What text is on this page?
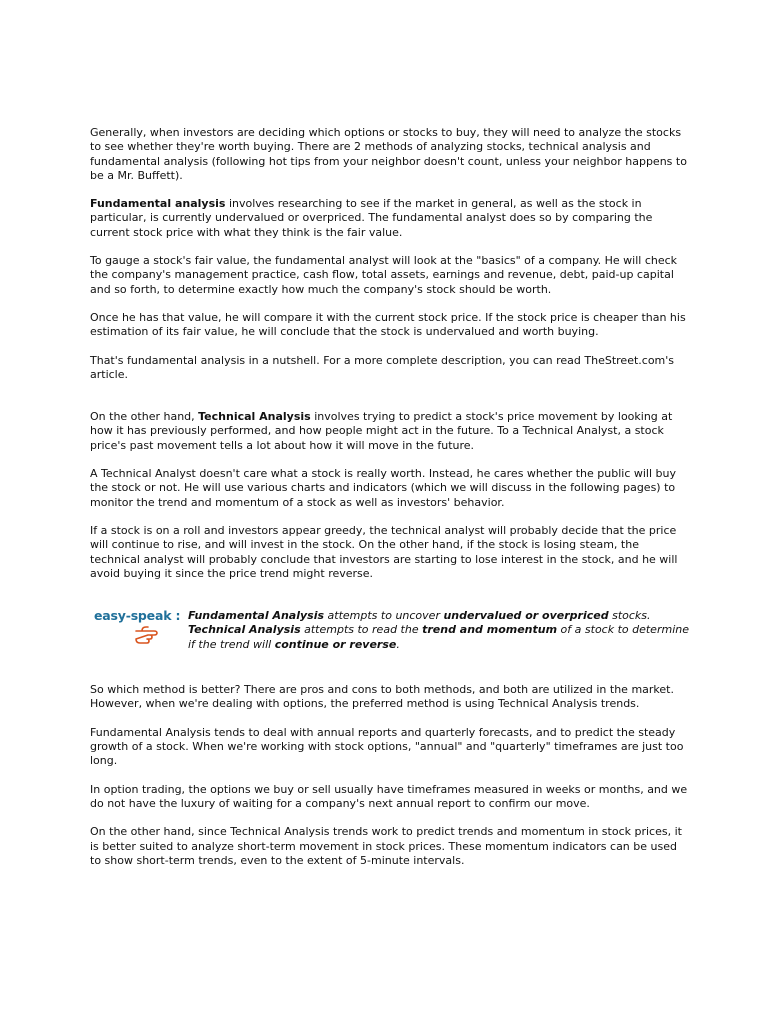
Generally, when investors are deciding which options or stocks to buy, they will need to analyze the stocks to see whether they're worth buying. There are 2 methods of analyzing stocks, technical analysis and fundamental analysis (following hot tips from your neighbor doesn't count, unless your neighbor happens to be a Mr. Buffett).

Fundamental analysis involves researching to see if the market in general, as well as the stock in particular, is currently undervalued or overpriced. The fundamental analyst does so by comparing the current stock price with what they think is the fair value.

To gauge a stock's fair value, the fundamental analyst will look at the "basics" of a company. He will check the company's management practice, cash flow, total assets, earnings and revenue, debt, paid-up capital and so forth, to determine exactly how much the company's stock should be worth.

Once he has that value, he will compare it with the current stock price. If the stock price is cheaper than his estimation of its fair value, he will conclude that the stock is undervalued and worth buying.

That's fundamental analysis in a nutshell. For a more complete description, you can read TheStreet.com's article.

On the other hand, Technical Analysis involves trying to predict a stock's price movement by looking at how it has previously performed, and how people might act in the future. To a Technical Analyst, a stock price's past movement tells a lot about how it will move in the future.

A Technical Analyst doesn't care what a stock is really worth. Instead, he cares whether the public will buy the stock or not. He will use various charts and indicators (which we will discuss in the following pages) to monitor the trend and momentum of a stock as well as investors' behavior.

If a stock is on a roll and investors appear greedy, the technical analyst will probably decide that the price will continue to rise, and will invest in the stock. On the other hand, if the stock is losing steam, the technical analyst will probably conclude that investors are starting to lose interest in the stock, and he will avoid buying it since the price trend might reverse.

easy-speak : Fundamental Analysis attempts to uncover undervalued or overpriced stocks.
Technical Analysis attempts to read the trend and momentum of a stock to determine if the trend will continue or reverse.

So which method is better? There are pros and cons to both methods, and both are utilized in the market. However, when we're dealing with options, the preferred method is using Technical Analysis trends.

Fundamental Analysis tends to deal with annual reports and quarterly forecasts, and to predict the steady growth of a stock. When we're working with stock options, "annual" and "quarterly" timeframes are just too long.

In option trading, the options we buy or sell usually have timeframes measured in weeks or months, and we do not have the luxury of waiting for a company's next annual report to confirm our move.

On the other hand, since Technical Analysis trends work to predict trends and momentum in stock prices, it is better suited to analyze short-term movement in stock prices. These momentum indicators can be used to show short-term trends, even to the extent of 5-minute intervals.
